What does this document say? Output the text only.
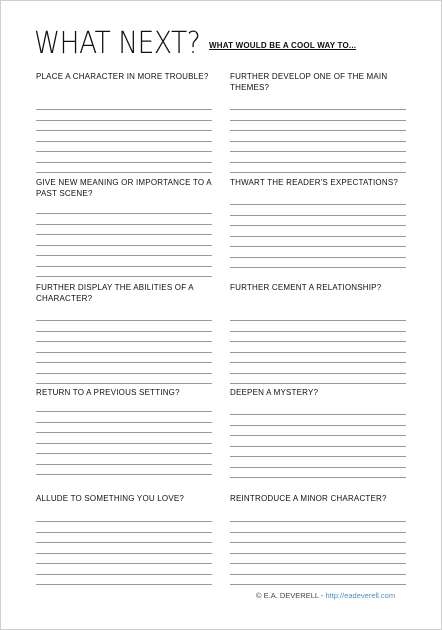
WHAT NEXT? WHAT WOULD BE A COOL WAY TO...
PLACE A CHARACTER IN MORE TROUBLE?	FURTHER DEVELOP ONE OF THE MAIN THEMES?
GIVE NEW MEANING OR IMPORTANCE TO A PAST SCENE?
THWART THE READER'S EXPECTATIONS?
FURTHER DISPLAY THE ABILITIES OF A CHARACTER?
FURTHER CEMENT A RELATIONSHIP?
RETURN TO A PREVIOUS SETTING?	DEEPEN A MYSTERY?
ALLUDE TO SOMETHING YOU LOVE?	REINTRODUCE A MINOR CHARACTER?
© E.A. DEVERELL - http://eadeverell.com
